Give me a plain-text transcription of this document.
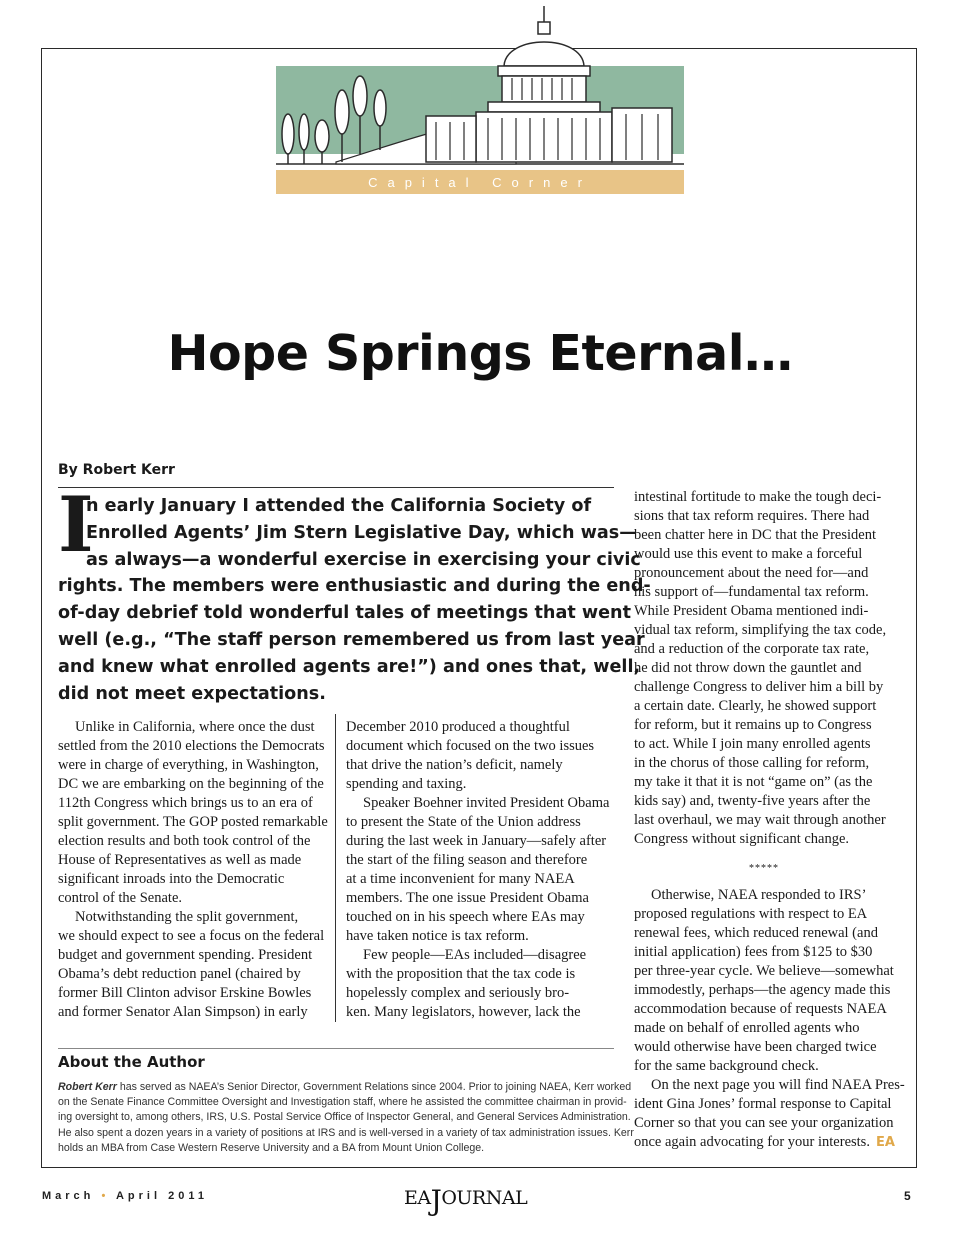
Capital Corner
Hope Springs Eternal…
By Robert Kerr
I
n early January I attended the California Society of
Enrolled Agents’ Jim Stern Legislative Day, which was—
as always—a wonderful exercise in exercising your civic
rights. The members were enthusiastic and during the end-
of-day debrief told wonderful tales of meetings that went
well (e.g., “The staff person remembered us from last year
and knew what enrolled agents are!”) and ones that, well,
did not meet expectations.
Unlike in California, where once the dust
settled from the 2010 elections the Democrats
were in charge of everything, in Washington,
DC we are embarking on the beginning of the
112th Congress which brings us to an era of
split government. The GOP posted remarkable
election results and both took control of the
House of Representatives as well as made
significant inroads into the Democratic
control of the Senate.
Notwithstanding the split government,
we should expect to see a focus on the federal
budget and government spending. President
Obama’s debt reduction panel (chaired by
former Bill Clinton advisor Erskine Bowles
and former Senator Alan Simpson) in early
December 2010 produced a thoughtful
document which focused on the two issues
that drive the nation’s deficit, namely
spending and taxing.
Speaker Boehner invited President Obama
to present the State of the Union address
during the last week in January—safely after
the start of the filing season and therefore
at a time inconvenient for many NAEA
members. The one issue President Obama
touched on in his speech where EAs may
have taken notice is tax reform.
Few people—EAs included—disagree
with the proposition that the tax code is
hopelessly complex and seriously bro-
ken. Many legislators, however, lack the
intestinal fortitude to make the tough deci-
sions that tax reform requires. There had
been chatter here in DC that the President
would use this event to make a forceful
pronouncement about the need for—and
his support of—fundamental tax reform.
While President Obama mentioned indi-
vidual tax reform, simplifying the tax code,
and a reduction of the corporate tax rate,
he did not throw down the gauntlet and
challenge Congress to deliver him a bill by
a certain date. Clearly, he showed support
for reform, but it remains up to Congress
to act. While I join many enrolled agents
in the chorus of those calling for reform,
my take it that it is not “game on” (as the
kids say) and, twenty-five years after the
last overhaul, we may wait through another
Congress without significant change.
*****
Otherwise, NAEA responded to IRS’
proposed regulations with respect to EA
renewal fees, which reduced renewal (and
initial application) fees from $125 to $30
per three-year cycle. We believe—somewhat
immodestly, perhaps—the agency made this
accommodation because of requests NAEA
made on behalf of enrolled agents who
would otherwise have been charged twice
for the same background check.
On the next page you will find NAEA Pres-
ident Gina Jones’ formal response to Capital
Corner so that you can see your organization
once again advocating for your interests. EA
About the Author
Robert Kerr has served as NAEA’s Senior Director, Government Relations since 2004. Prior to joining NAEA, Kerr worked
on the Senate Finance Committee Oversight and Investigation staff, where he assisted the committee chairman in provid-
ing oversight to, among others, IRS, U.S. Postal Service Office of Inspector General, and General Services Administration.
He also spent a dozen years in a variety of positions at IRS and is well-versed in a variety of tax administration issues. Kerr
holds an MBA from Case Western Reserve University and a BA from Mount Union College.
March • April 2011	EAJOURNAL	5
